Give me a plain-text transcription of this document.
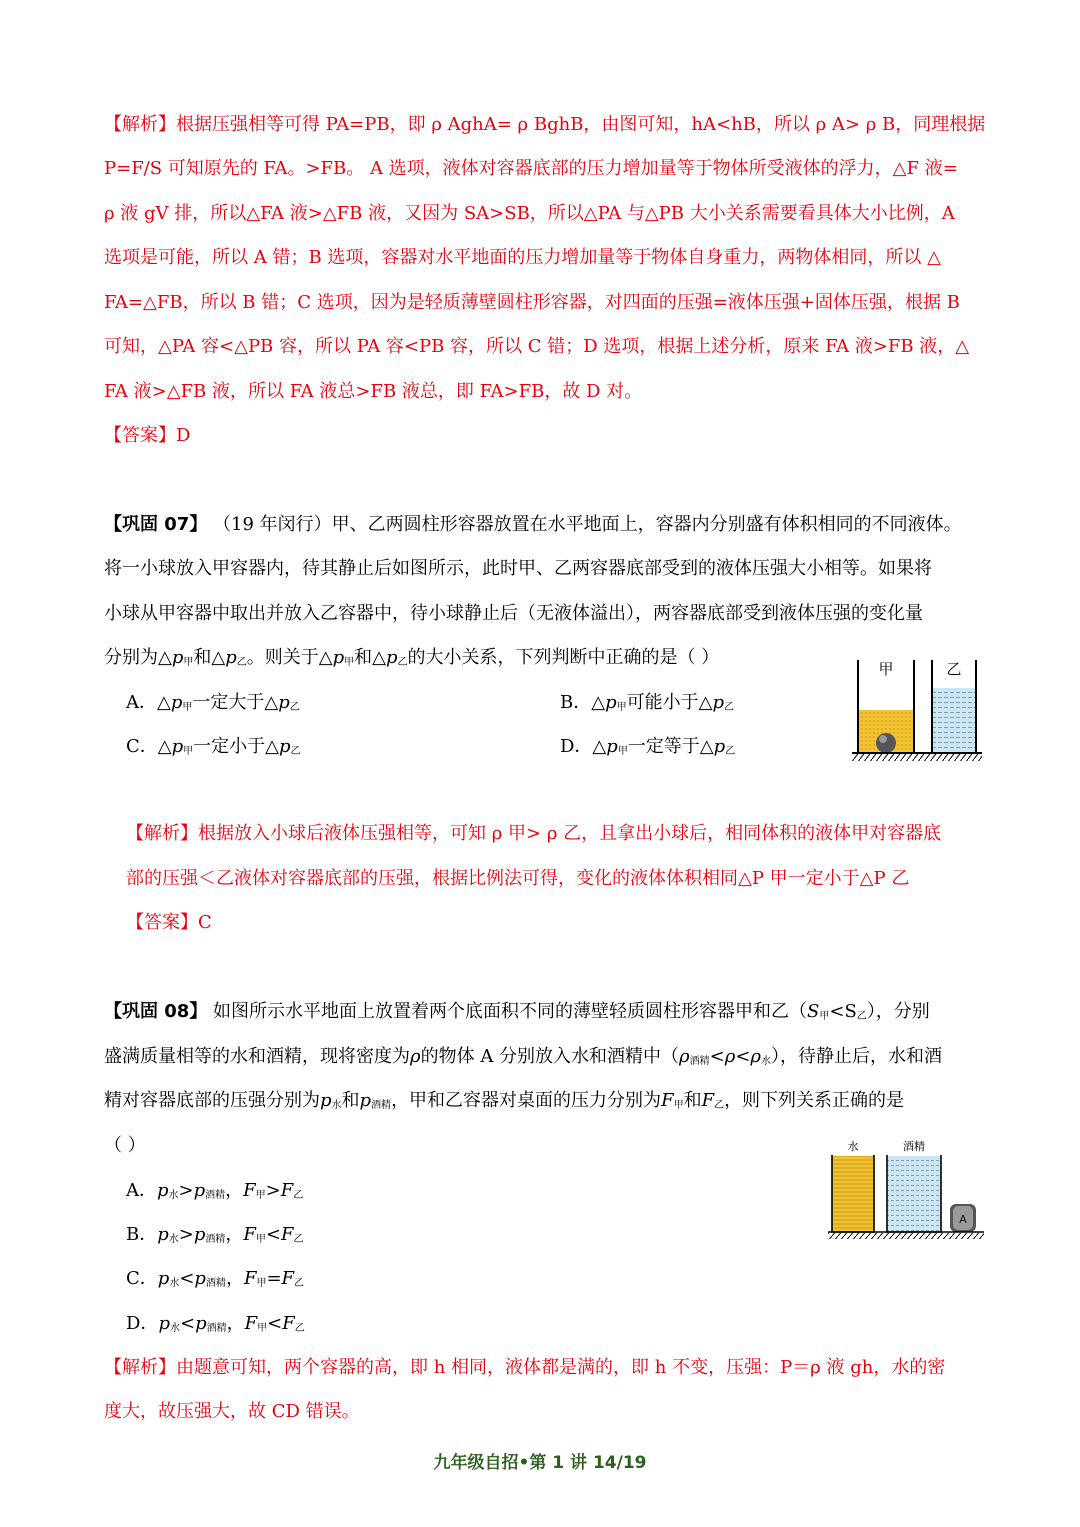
【解析】根据压强相等可得 PA=PB，即 ρ AghA= ρ BghB，由图可知，hA<hB，所以 ρ A> ρ B，同理根据
P=F/S 可知原先的 FA。>FB。 A 选项，液体对容器底部的压力增加量等于物体所受液体的浮力，△F 液=
ρ 液 gV 排，所以△FA 液>△FB 液，又因为 SA>SB，所以△PA 与△PB 大小关系需要看具体大小比例，A
选项是可能，所以 A 错；B 选项，容器对水平地面的压力增加量等于物体自身重力，两物体相同，所以 △
FA=△FB，所以 B 错；C 选项，因为是轻质薄壁圆柱形容器，对四面的压强=液体压强+固体压强，根据 B
可知，△PA 容<△PB 容，所以 PA 容<PB 容，所以 C 错；D 选项，根据上述分析，原来 FA 液>FB 液，△
FA 液>△FB 液，所以 FA 液总>FB 液总，即 FA>FB，故 D 对。
【答案】D
【巩固 07】 （19 年闵行）甲、乙两圆柱形容器放置在水平地面上，容器内分别盛有体积相同的不同液体。
将一小球放入甲容器内，待其静止后如图所示，此时甲、乙两容器底部受到的液体压强大小相等。如果将
小球从甲容器中取出并放入乙容器中，待小球静止后（无液体溢出），两容器底部受到液体压强的变化量
分别为$\triangle p_甲$和$\triangle p_乙$。则关于$\triangle p_甲$和$\triangle p_乙$的大小关系，下列判断中正确的是（ ）
A．$\triangle p_甲$一定大于$\triangle p_乙$	B．$\triangle p_甲$可能小于$\triangle p_乙$
C．$\triangle p_甲$一定小于$\triangle p_乙$	D．$\triangle p_甲$一定等于$\triangle p_乙$
甲	乙
【解析】根据放入小球后液体压强相等，可知 ρ 甲> ρ 乙，且拿出小球后，相同体积的液体甲对容器底
部的压强＜乙液体对容器底部的压强，根据比例法可得，变化的液体体积相同△P 甲一定小于△P 乙
【答案】C
【巩固 08】 如图所示水平地面上放置着两个底面积不同的薄壁轻质圆柱形容器甲和乙$(S_甲<S_乙)$，分别
盛满质量相等的水和酒精，现将密度为ρ的物体 A 分别放入水和酒精中$(\rho_{酒精}<\rho<\rho_水)$，待静止后，水和酒
精对容器底部的压强分别为$p_水$和$p_{酒精}$，甲和乙容器对桌面的压力分别为$F_甲$和$F_乙$，则下列关系正确的是
（ ）
A．$p_水>p_{酒精}$，$F_甲>F_乙$
B．$p_水>p_{酒精}$，$F_甲<F_乙$
C．$p_水<p_{酒精}$，$F_甲=F_乙$
D．$p_水<p_{酒精}$，$F_甲<F_乙$
A
水	酒精
【解析】由题意可知，两个容器的高，即 h 相同，液体都是满的，即 h 不变，压强：P＝ρ 液 gh，水的密
度大，故压强大，故 CD 错误。
九年级自招•第 1 讲 14/19
